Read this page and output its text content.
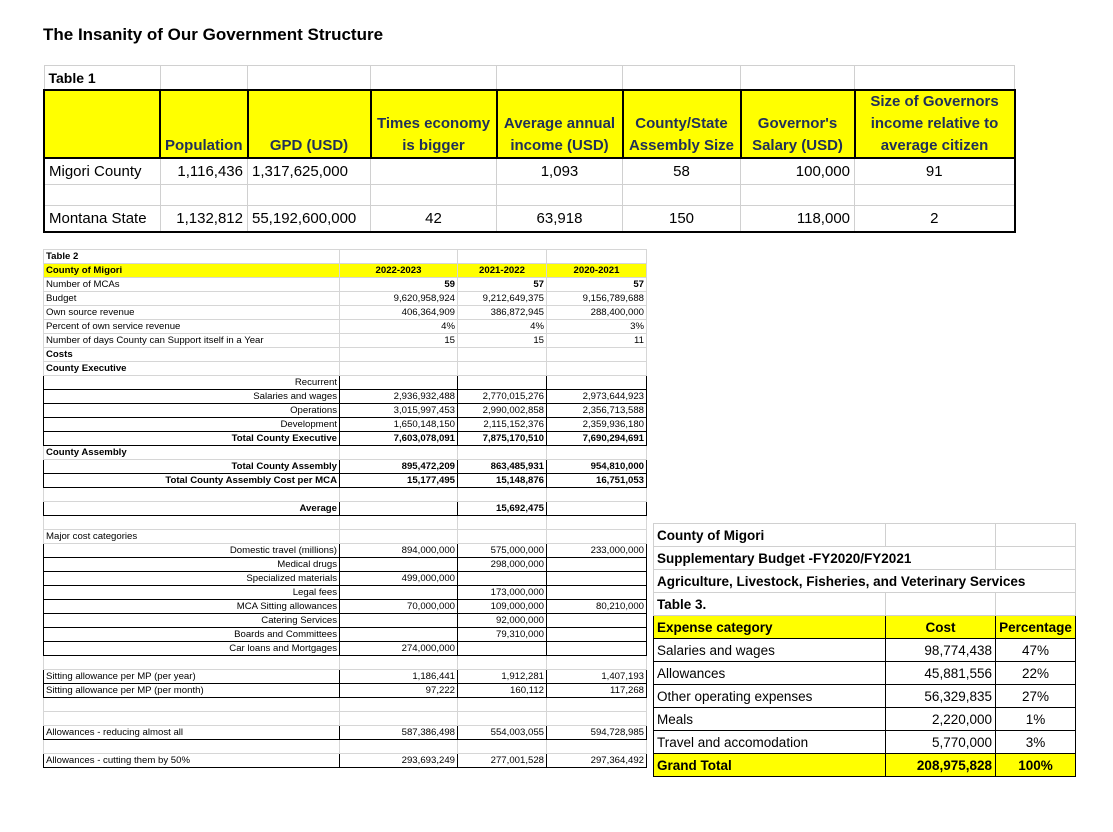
The Insanity of Our Government Structure
Table 1							
	Population	GPD (USD)	Times economy is bigger	Average annual income (USD)	County/State Assembly Size	Governor's Salary (USD)	Size of Governors income relative to average citizen
Migori County	1,116,436	1,317,625,000		1,093	58	100,000	91

Montana State	1,132,812	55,192,600,000	42	63,918	150	118,000	2
Table 2			
County of Migori	2022-2023	2021-2022	2020-2021
Number of MCAs	59	57	57
Budget	9,620,958,924	9,212,649,375	9,156,789,688
Own source revenue	406,364,909	386,872,945	288,400,000
Percent of own service revenue	4%	4%	3%
Number of days County can Support itself in a Year	15	15	11
Costs			
County Executive			
Recurrent			
Salaries and wages	2,936,932,488	2,770,015,276	2,973,644,923
Operations	3,015,997,453	2,990,002,858	2,356,713,588
Development	1,650,148,150	2,115,152,376	2,359,936,180
Total County Executive	7,603,078,091	7,875,170,510	7,690,294,691
County Assembly			
Total County Assembly	895,472,209	863,485,931	954,810,000
Total County Assembly Cost per MCA	15,177,495	15,148,876	16,751,053

Average		15,692,475	

Major cost categories			
Domestic travel (millions)	894,000,000	575,000,000	233,000,000
Medical drugs		298,000,000	
Specialized materials	499,000,000		
Legal fees		173,000,000	
MCA Sitting allowances	70,000,000	109,000,000	80,210,000
Catering Services		92,000,000	
Boards and Committees		79,310,000	
Car loans and Mortgages	274,000,000		

Sitting allowance per MP (per year)	1,186,441	1,912,281	1,407,193
Sitting allowance per MP (per month)	97,222	160,112	117,268

Allowances - reducing almost all	587,386,498	554,003,055	594,728,985

Allowances - cutting them by 50%	293,693,249	277,001,528	297,364,492
County of Migori		
Supplementary Budget -FY2020/FY2021		
Agriculture, Livestock, Fisheries, and Veterinary Services		
Table 3.		
Expense category	Cost	Percentage
Salaries and wages	98,774,438	47%
Allowances	45,881,556	22%
Other operating expenses	56,329,835	27%
Meals	2,220,000	1%
Travel and accomodation	5,770,000	3%
Grand Total	208,975,828	100%
